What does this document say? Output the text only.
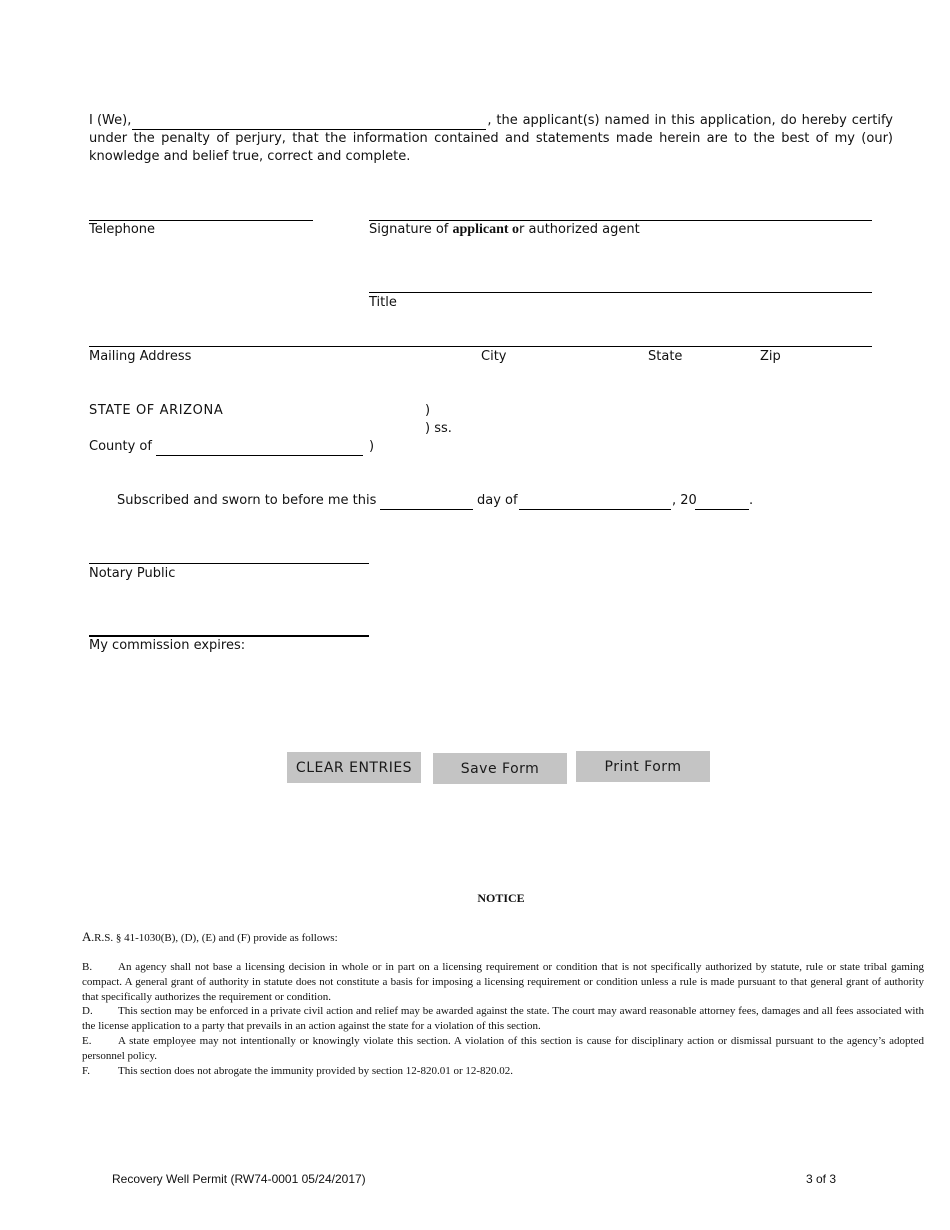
I (We),	, the applicant(s) named in this application, do hereby certify
under the penalty of perjury, that the information contained and statements made herein are to the best of my (our) knowledge and belief true, correct and complete.
Telephone	Signature of applicant or authorized agent
Title
Mailing Address	City	State	Zip
STATE OF ARIZONA	)
) ss.
County of	)
Subscribed and sworn to before me this	day of	, 20	.
Notary Public
My commission expires:
CLEAR ENTRIES	Save Form	Print Form
NOTICE
A.R.S. § 41-1030(B), (D), (E) and (F) provide as follows:
B. An agency shall not base a licensing decision in whole or in part on a licensing requirement or condition that is not specifically authorized by statute, rule or state tribal gaming compact. A general grant of authority in statute does not constitute a basis for imposing a licensing requirement or condition unless a rule is made pursuant to that general grant of authority that specifically authorizes the requirement or condition.
D. This section may be enforced in a private civil action and relief may be awarded against the state. The court may award reasonable attorney fees, damages and all fees associated with the license application to a party that prevails in an action against the state for a violation of this section.
E. A state employee may not intentionally or knowingly violate this section. A violation of this section is cause for disciplinary action or dismissal pursuant to the agency’s adopted personnel policy.
F.	This section does not abrogate the immunity provided by section 12-820.01 or 12-820.02.
Recovery Well Permit (RW74-0001 05/24/2017)	3 of 3
